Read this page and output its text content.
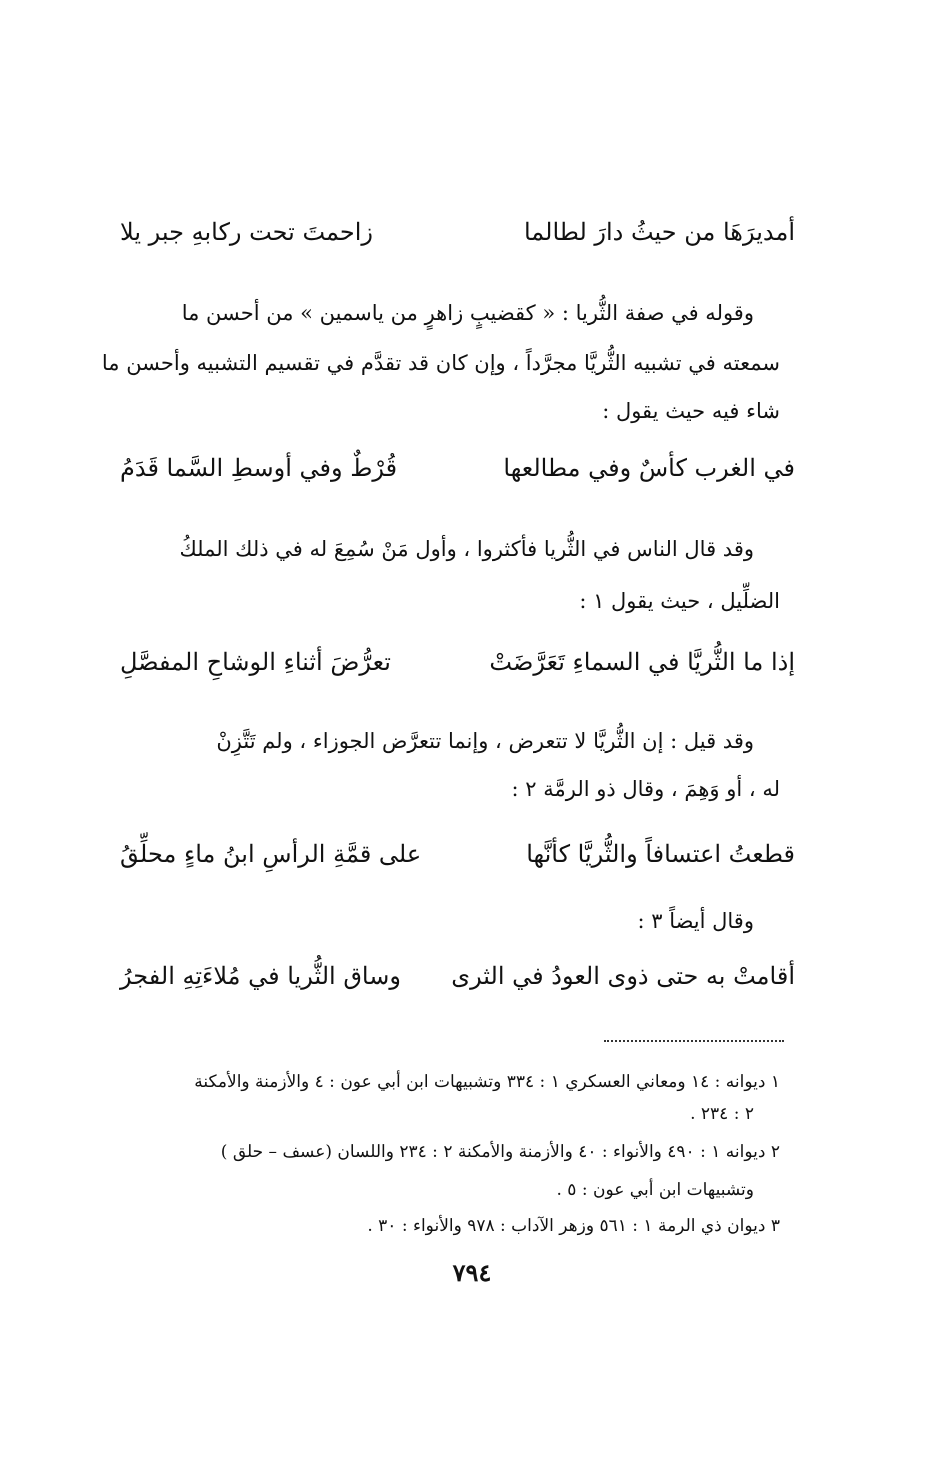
أمديرَهَا من حيثُ دارَ لطالما
زاحمتَ تحت ركابهِ جبر يلا
وقوله في صفة الثُّريا : « كقضيبٍ زاهرٍ من ياسمين » من أحسن ما
سمعته في تشبيه الثُّريَّا مجرَّداً ، وإن كان قد تقدَّم في تقسيم التشبيه وأحسن ما
شاء فيه حيث يقول :
في الغرب كأسٌ وفي مطالعها
قُرْطٌ وفي أوسطِ السَّما قَدَمُ
وقد قال الناس في الثُّريا فأكثروا ، وأول مَنْ سُمِعَ له في ذلك الملكُ
الضلِّيل ، حيث يقول ١ :
إذا ما الثُّريَّا في السماءِ تَعَرَّضَتْ
تعرُّضَ أثناءِ الوشاحِ المفصَّلِ
وقد قيل : إن الثُّريَّا لا تتعرض ، وإنما تتعرَّض الجوزاء ، ولم تَتَّزِنْ
له ، أو وَهِمَ ، وقال ذو الرمَّة ٢ :
قطعتُ اعتسافاً والثُّريَّا كأنَّها
على قمَّةِ الرأسِ ابنُ ماءٍ محلِّقُ
وقال أيضاً ٣ :
أقامتْ به حتى ذوى العودُ في الثرى
وساق الثُّريا في مُلاءَتِهِ الفجرُ
١ ديوانه : ١٤ ومعاني العسكري ١ : ٣٣٤ وتشبيهات ابن أبي عون : ٤ والأزمنة والأمكنة
٢ : ٢٣٤ .
٢ ديوانه ١ : ٤٩٠ والأنواء : ٤٠ والأزمنة والأمكنة ٢ : ٢٣٤ واللسان (عسف – حلق )
وتشبيهات ابن أبي عون : ٥ .
٣ ديوان ذي الرمة ١ : ٥٦١ وزهر الآداب : ٩٧٨ والأنواء : ٣٠ .
٧٩٤
